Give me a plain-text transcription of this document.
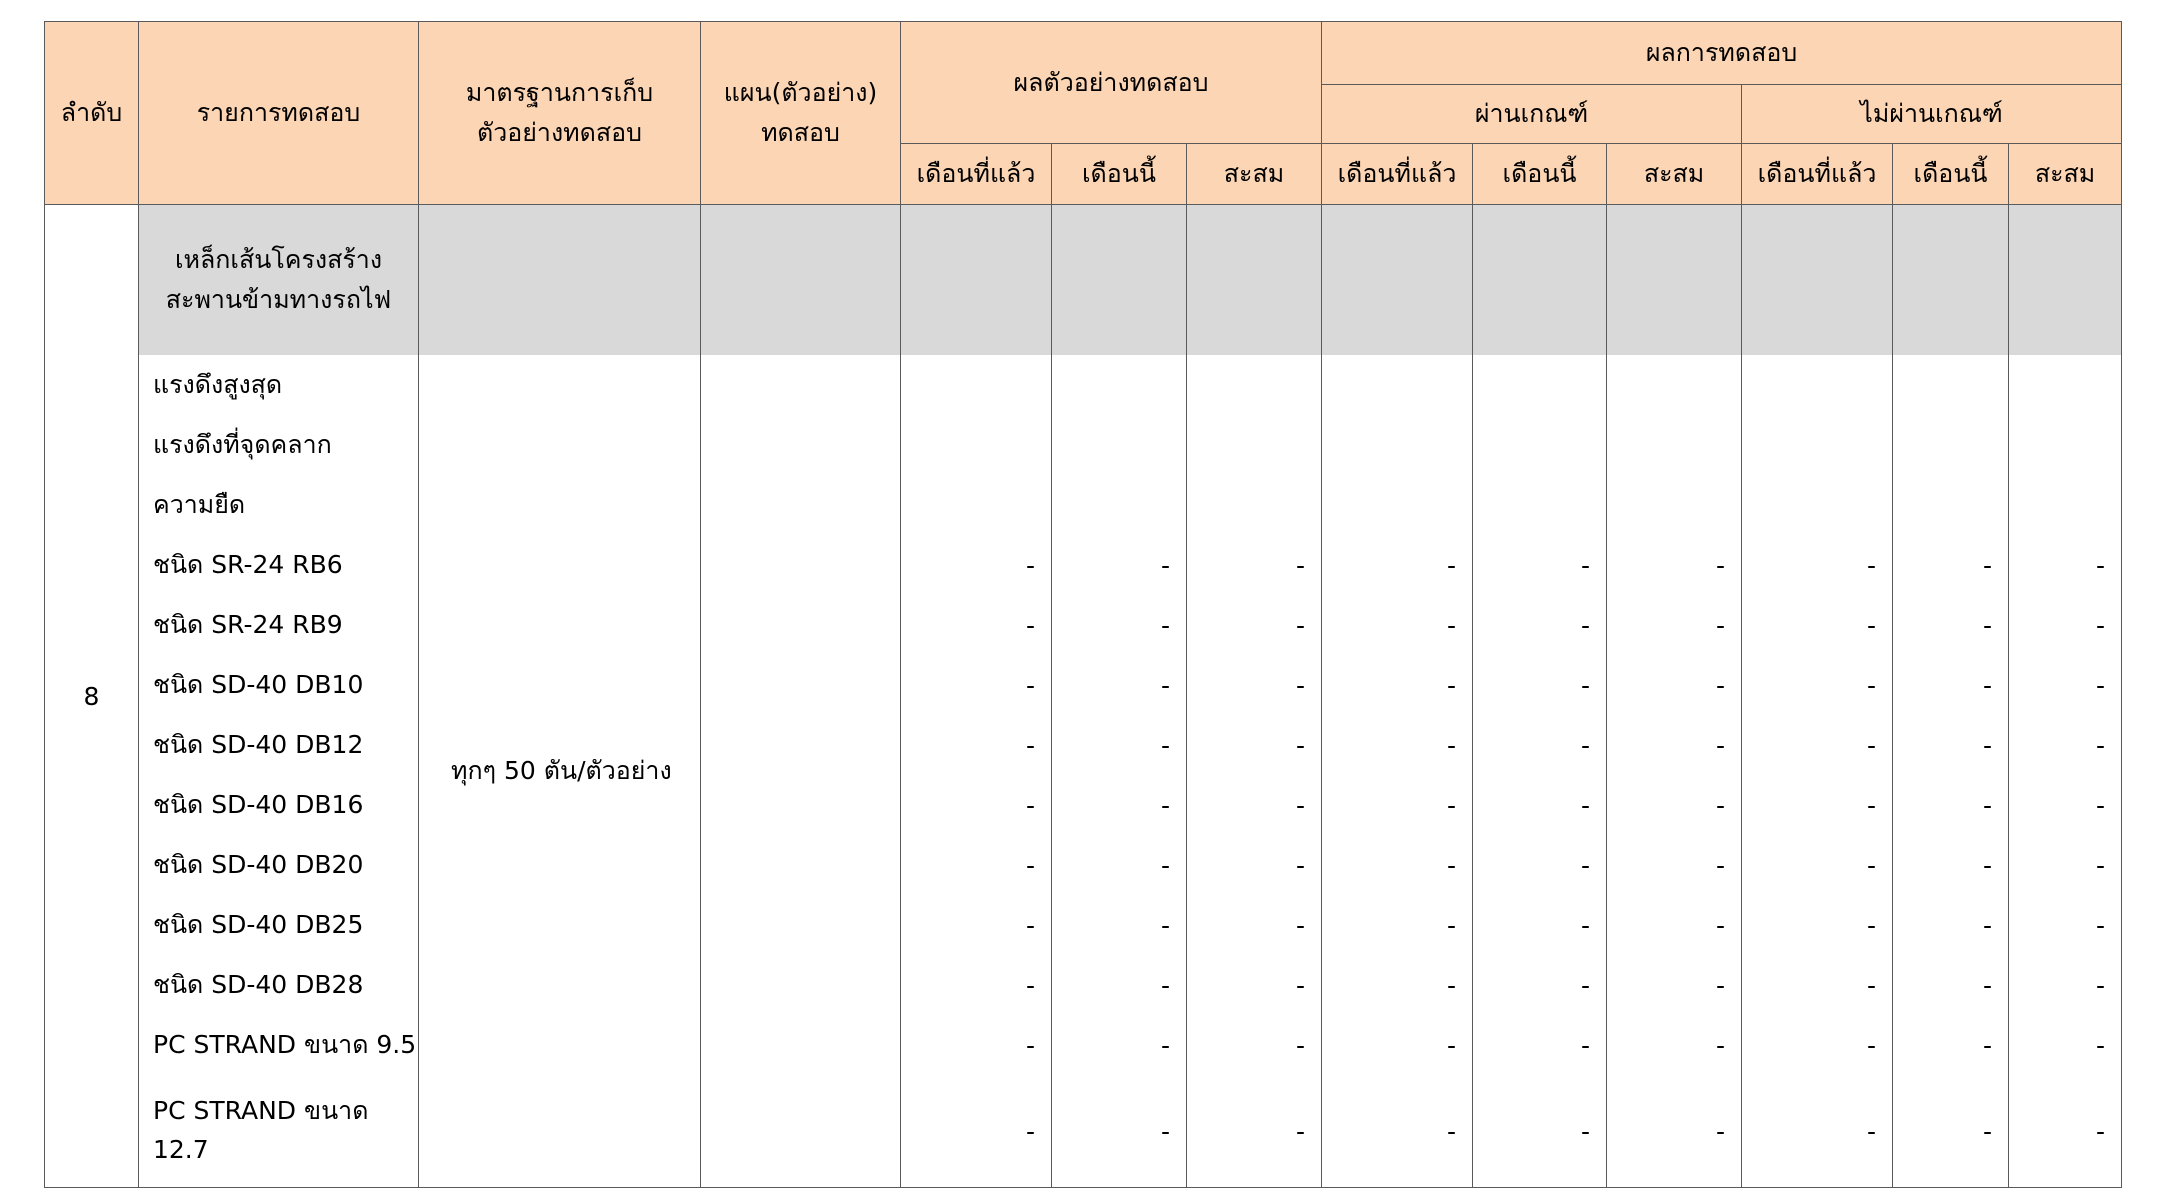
ลำดับ	รายการทดสอบ	มาตรฐานการเก็บ ตัวอย่างทดสอบ	แผน(ตัวอย่าง) ทดสอบ	ผลตัวอย่างทดสอบ			ผลการทดสอบ						
							ผ่านเกณฑ์			ไม่ผ่านเกณฑ์			
				เดือนที่แล้ว	เดือนนี้	สะสม	เดือนที่แล้ว	เดือนนี้	สะสม	เดือนที่แล้ว	เดือนนี้	สะสม	
8	เหล็กเส้นโครงสร้าง สะพานข้ามทางรถไฟ												
	แรงดึงสูงสุด	ทุกๆ 50 ตัน/ตัวอย่าง											
	แรงดึงที่จุดคลาก												
	ความยืด												
	ชนิด SR-24 RB6			-	-	-	-	-	-	-	-	-	
	ชนิด SR-24 RB9			-	-	-	-	-	-	-	-	-	
	ชนิด SD-40 DB10			-	-	-	-	-	-	-	-	-	
	ชนิด SD-40 DB12			-	-	-	-	-	-	-	-	-	
	ชนิด SD-40 DB16			-	-	-	-	-	-	-	-	-	
	ชนิด SD-40 DB20			-	-	-	-	-	-	-	-	-	
	ชนิด SD-40 DB25			-	-	-	-	-	-	-	-	-	
	ชนิด SD-40 DB28			-	-	-	-	-	-	-	-	-	
	PC STRAND ขนาด 9.5			-	-	-	-	-	-	-	-	-	
	PC STRAND ขนาด 12.7			-	-	-	-	-	-	-	-	-	
